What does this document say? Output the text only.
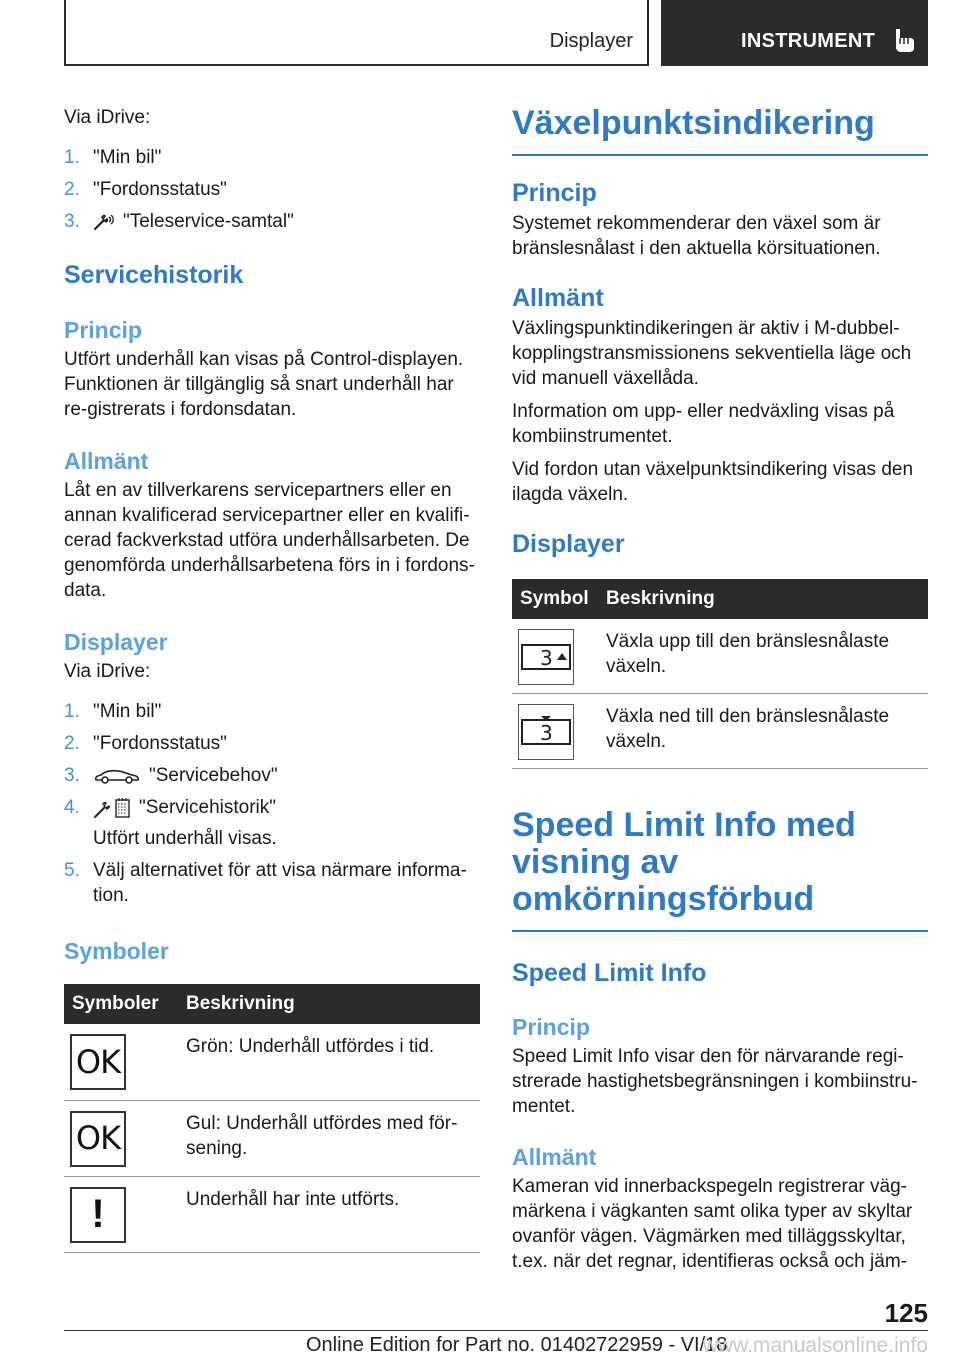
Displayer	INSTRUMENT

Via iDrive:

1. "Min bil"
2. "Fordonsstatus"
3. "Teleservice-samtal"
Servicehistorik
Princip

Utfört underhåll kan visas på Control-displayen. Funktionen är tillgänglig så snart underhåll har re-gistrerats i fordonsdatan.

Allmänt

Låt en av tillverkarens servicepartners eller en annan kvalificerad servicepartner eller en kvalifi-cerad fackverkstad utföra underhållsarbeten. De genomförda underhållsarbetena förs in i fordons-data.

Displayer

Via iDrive:

1. "Min bil"
2. "Fordonsstatus"
3.	"Servicebehov"
4.	"Servicehistorik"
Utfört underhåll visas.
5. Välj alternativet för att visa närmare informa-tion.
Symboler
Symboler	Beskrivning

OK	Grön: Underhåll utfördes i tid.

OK	Gul: Underhåll utfördes med för-sening.

!	Underhåll har inte utförts.
Växelpunktsindikering
Princip

Systemet rekommenderar den växel som är bränslesnålast i den aktuella körsituationen.

Allmänt

Växlingspunktindikeringen är aktiv i M-dubbel-kopplingstransmissionens sekventiella läge och vid manuell växellåda.

Information om upp- eller nedväxling visas på kombiinstrumentet.

Vid fordon utan växelpunktsindikering visas den ilagda växeln.

Displayer
Symbol	Beskrivning

3	Växla upp till den bränslesnålaste växeln.

3	Växla ned till den bränslesnålaste växeln.
Speed Limit Info med visning av omkörningsförbud
Speed Limit Info
Princip

Speed Limit Info visar den för närvarande regi-strerade hastighetsbegränsningen i kombiinstru-mentet.

Allmänt

Kameran vid innerbackspegeln registrerar väg-märkena i vägkanten samt olika typer av skyltar ovanför vägen. Vägmärken med tilläggsskyltar, t.ex. när det regnar, identifieras också och jäm-

125
Online Edition for Part no. 01402722959 - VI/18
www.manualsonline.info
